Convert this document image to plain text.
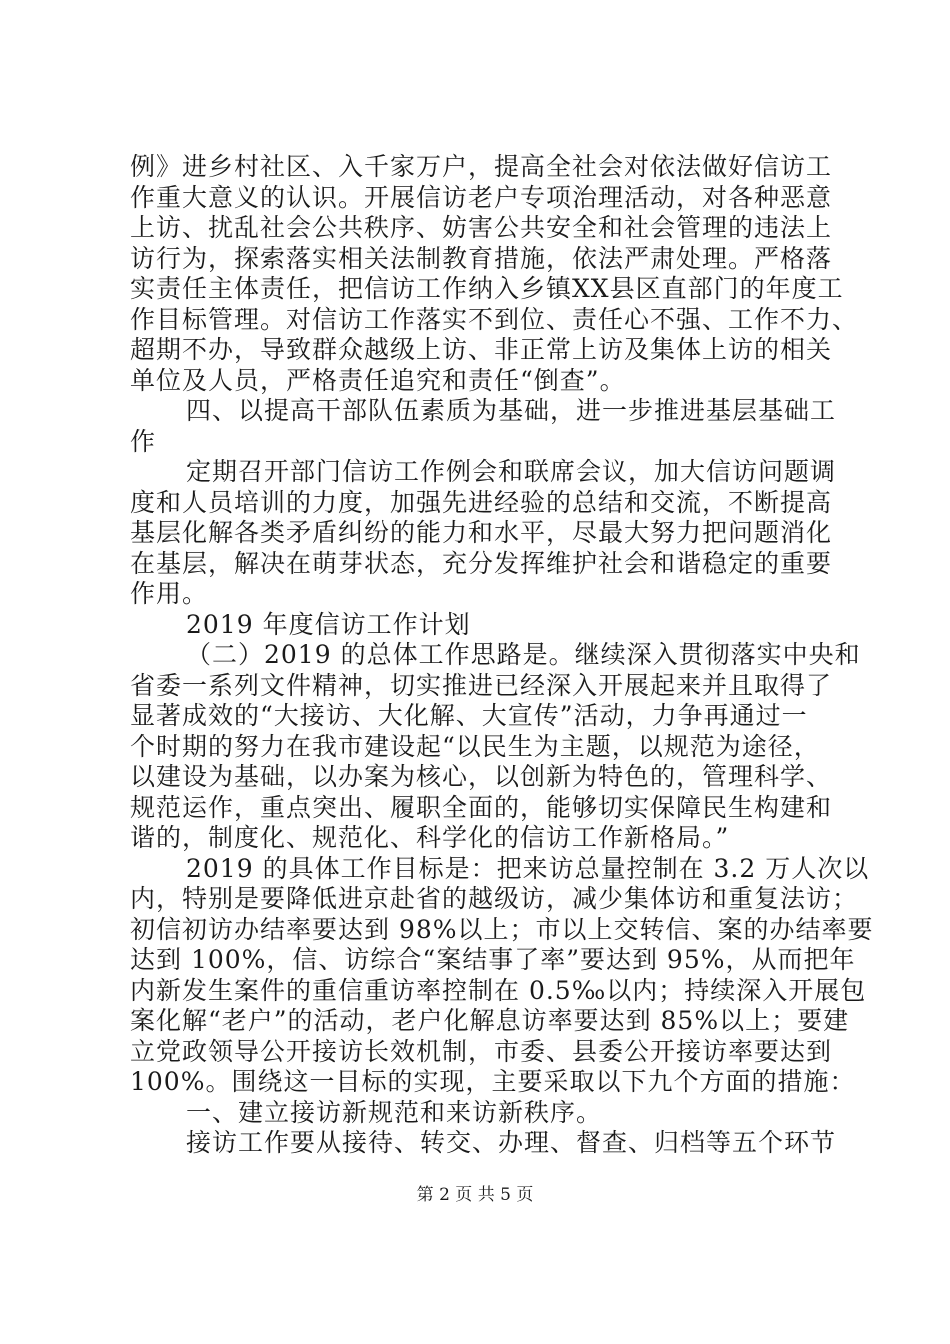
例》进乡村社区、入千家万户，提高全社会对依法做好信访工
作重大意义的认识。开展信访老户专项治理活动，对各种恶意
上访、扰乱社会公共秩序、妨害公共安全和社会管理的违法上
访行为，探索落实相关法制教育措施，依法严肃处理。严格落
实责任主体责任，把信访工作纳入乡镇XX县区直部门的年度工
作目标管理。对信访工作落实不到位、责任心不强、工作不力、
超期不办，导致群众越级上访、非正常上访及集体上访的相关
单位及人员，严格责任追究和责任“倒查”。
四、以提高干部队伍素质为基础，进一步推进基层基础工
作
定期召开部门信访工作例会和联席会议，加大信访问题调
度和人员培训的力度，加强先进经验的总结和交流，不断提高
基层化解各类矛盾纠纷的能力和水平，尽最大努力把问题消化
在基层，解决在萌芽状态，充分发挥维护社会和谐稳定的重要
作用。
2019 年度信访工作计划
（二）2019 的总体工作思路是。继续深入贯彻落实中央和
省委一系列文件精神，切实推进已经深入开展起来并且取得了
显著成效的“大接访、大化解、大宣传”活动，力争再通过一
个时期的努力在我市建设起“以民生为主题，以规范为途径，
以建设为基础，以办案为核心，以创新为特色的，管理科学、
规范运作，重点突出、履职全面的，能够切实保障民生构建和
谐的，制度化、规范化、科学化的信访工作新格局。”
2019 的具体工作目标是：把来访总量控制在 3.2 万人次以
内，特别是要降低进京赴省的越级访，减少集体访和重复法访；
初信初访办结率要达到 98%以上；市以上交转信、案的办结率要
达到 100%，信、访综合“案结事了率”要达到 95%，从而把年
内新发生案件的重信重访率控制在 0.5‰以内；持续深入开展包
案化解“老户”的活动，老户化解息访率要达到 85%以上；要建
立党政领导公开接访长效机制，市委、县委公开接访率要达到
100%。围绕这一目标的实现，主要采取以下九个方面的措施：
一、建立接访新规范和来访新秩序。
接访工作要从接待、转交、办理、督查、归档等五个环节
第 2 页 共 5 页
